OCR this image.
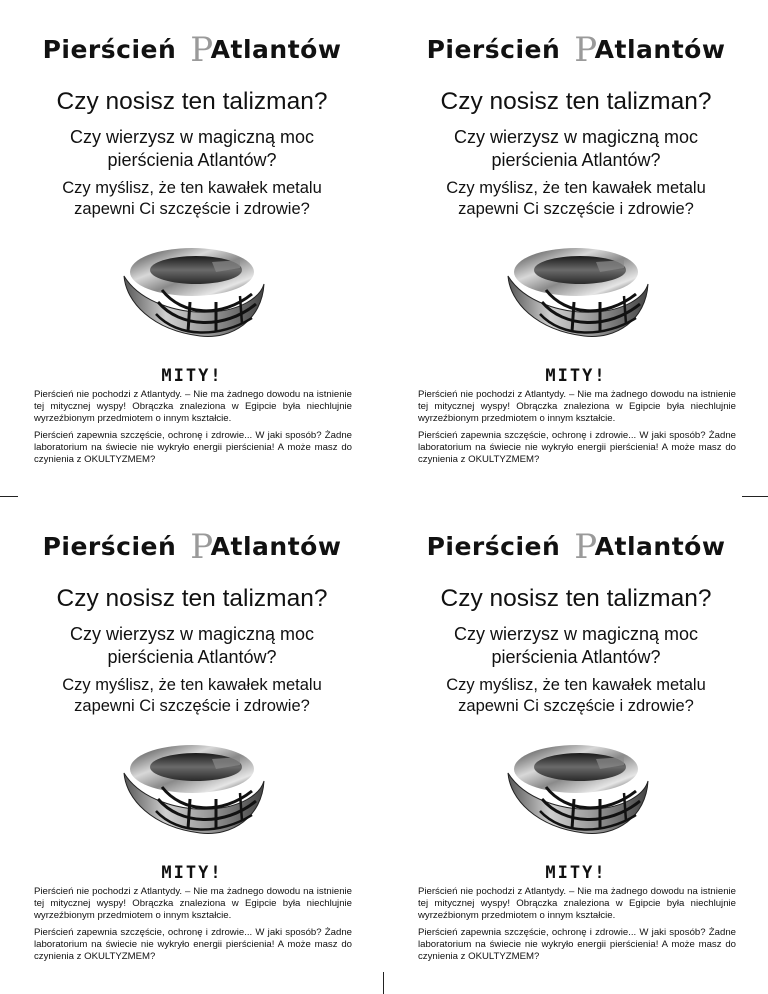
Pierścień PAtlantów
Czy nosisz ten talizman?
Czy wierzysz w magiczną moc pierścienia Atlantów?
Czy myślisz, że ten kawałek metalu zapewni Ci szczęście i zdrowie?
MITY!

Pierścień nie pochodzi z Atlantydy. – Nie ma żadnego dowodu na istnienie tej mitycznej wyspy! Obrączka znaleziona w Egipcie była niechlujnie wyrzeźbionym przedmiotem o innym kształcie.

Pierścień zapewnia szczęście, ochronę i zdrowie... W jaki sposób? Żadne laboratorium na świecie nie wykryło energii pierścienia! A może masz do czynienia z OKULTYZMEM?

Pierścień PAtlantów
Czy nosisz ten talizman?
Czy wierzysz w magiczną moc pierścienia Atlantów?
Czy myślisz, że ten kawałek metalu zapewni Ci szczęście i zdrowie?
MITY!

Pierścień nie pochodzi z Atlantydy. – Nie ma żadnego dowodu na istnienie tej mitycznej wyspy! Obrączka znaleziona w Egipcie była niechlujnie wyrzeźbionym przedmiotem o innym kształcie.

Pierścień zapewnia szczęście, ochronę i zdrowie... W jaki sposób? Żadne laboratorium na świecie nie wykryło energii pierścienia! A może masz do czynienia z OKULTYZMEM?

Pierścień PAtlantów
Czy nosisz ten talizman?
Czy wierzysz w magiczną moc pierścienia Atlantów?
Czy myślisz, że ten kawałek metalu zapewni Ci szczęście i zdrowie?
MITY!

Pierścień nie pochodzi z Atlantydy. – Nie ma żadnego dowodu na istnienie tej mitycznej wyspy! Obrączka znaleziona w Egipcie była niechlujnie wyrzeźbionym przedmiotem o innym kształcie.

Pierścień zapewnia szczęście, ochronę i zdrowie... W jaki sposób? Żadne laboratorium na świecie nie wykryło energii pierścienia! A może masz do czynienia z OKULTYZMEM?

Pierścień PAtlantów
Czy nosisz ten talizman?
Czy wierzysz w magiczną moc pierścienia Atlantów?
Czy myślisz, że ten kawałek metalu zapewni Ci szczęście i zdrowie?
MITY!

Pierścień nie pochodzi z Atlantydy. – Nie ma żadnego dowodu na istnienie tej mitycznej wyspy! Obrączka znaleziona w Egipcie była niechlujnie wyrzeźbionym przedmiotem o innym kształcie.

Pierścień zapewnia szczęście, ochronę i zdrowie... W jaki sposób? Żadne laboratorium na świecie nie wykryło energii pierścienia! A może masz do czynienia z OKULTYZMEM?
